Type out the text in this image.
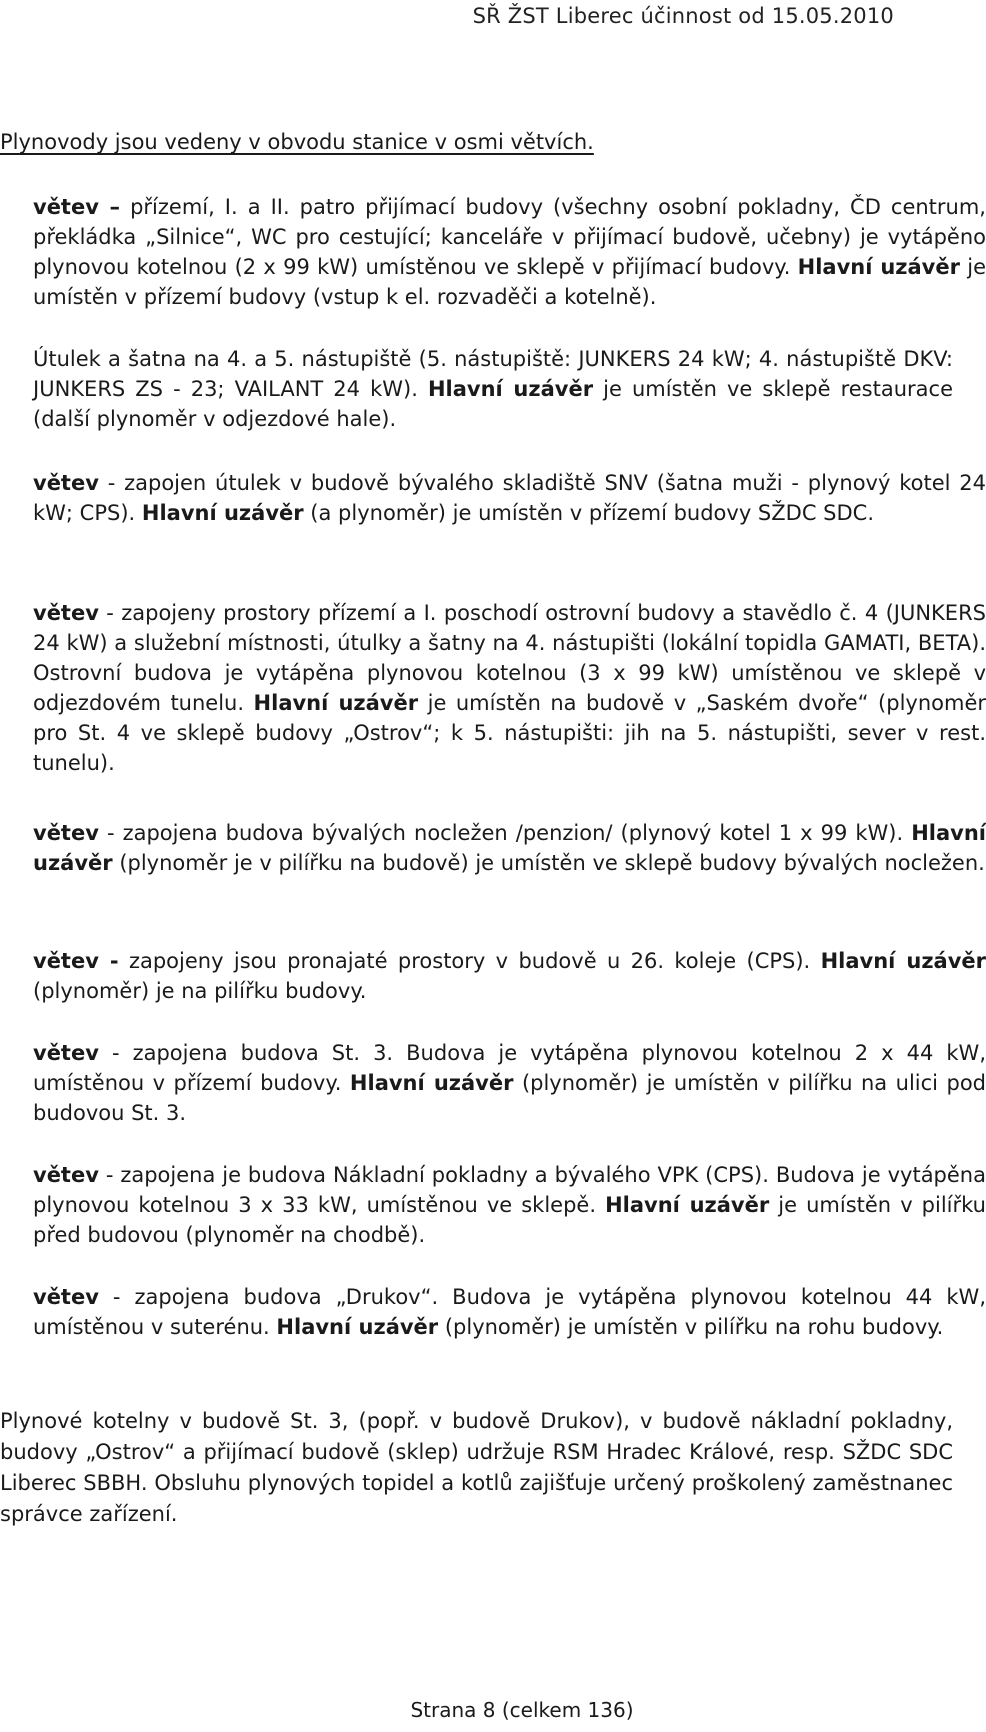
SŘ ŽST Liberec účinnost od 15.05.2010
Plynovody jsou vedeny v obvodu stanice v osmi větvích.
větev – přízemí, I. a II. patro přijímací budovy (všechny osobní pokladny, ČD centrum, překládka „Silnice“, WC pro cestující; kanceláře v přijímací budově, učebny) je vytápěno plynovou kotelnou (2 x 99 kW) umístěnou ve sklepě v přijímací budovy. Hlavní uzávěr je umístěn v přízemí budovy (vstup k el. rozvaděči a kotelně).
Útulek a šatna na 4. a 5. nástupiště (5. nástupiště: JUNKERS 24 kW; 4. nástupiště DKV: JUNKERS ZS - 23; VAILANT 24 kW). Hlavní uzávěr je umístěn ve sklepě restaurace (další plynoměr v odjezdové hale).
větev - zapojen útulek v budově bývalého skladiště SNV (šatna muži - plynový kotel 24 kW; CPS). Hlavní uzávěr (a plynoměr) je umístěn v přízemí budovy SŽDC SDC.
větev - zapojeny prostory přízemí a I. poschodí ostrovní budovy a stavědlo č. 4 (JUNKERS 24 kW) a služební místnosti, útulky a šatny na 4. nástupišti (lokální topidla GAMATI, BETA). Ostrovní budova je vytápěna plynovou kotelnou (3 x 99 kW) umístěnou ve sklepě v odjezdovém tunelu. Hlavní uzávěr je umístěn na budově v „Saském dvoře“ (plynoměr pro St. 4 ve sklepě budovy „Ostrov“; k 5. nástupišti: jih na 5. nástupišti, sever v rest. tunelu).
větev - zapojena budova bývalých nocležen /penzion/ (plynový kotel 1 x 99 kW). Hlavní uzávěr (plynoměr je v pilířku na budově) je umístěn ve sklepě budovy bývalých nocležen.
větev - zapojeny jsou pronajaté prostory v budově u 26. koleje (CPS). Hlavní uzávěr (plynoměr) je na pilířku budovy.
větev - zapojena budova St. 3. Budova je vytápěna plynovou kotelnou 2 x 44 kW, umístěnou v přízemí budovy. Hlavní uzávěr (plynoměr) je umístěn v pilířku na ulici pod budovou St. 3.
větev - zapojena je budova Nákladní pokladny a bývalého VPK (CPS). Budova je vytápěna plynovou kotelnou 3 x 33 kW, umístěnou ve sklepě. Hlavní uzávěr je umístěn v pilířku před budovou (plynoměr na chodbě).
větev - zapojena budova „Drukov“. Budova je vytápěna plynovou kotelnou 44 kW, umístěnou v suterénu. Hlavní uzávěr (plynoměr) je umístěn v pilířku na rohu budovy.
Plynové kotelny v budově St. 3, (popř. v budově Drukov), v budově nákladní pokladny, budovy „Ostrov“ a přijímací budově (sklep) udržuje RSM Hradec Králové, resp. SŽDC SDC Liberec SBBH. Obsluhu plynových topidel a kotlů zajišťuje určený proškolený zaměstnanec správce zařízení.
Strana 8 (celkem 136)
